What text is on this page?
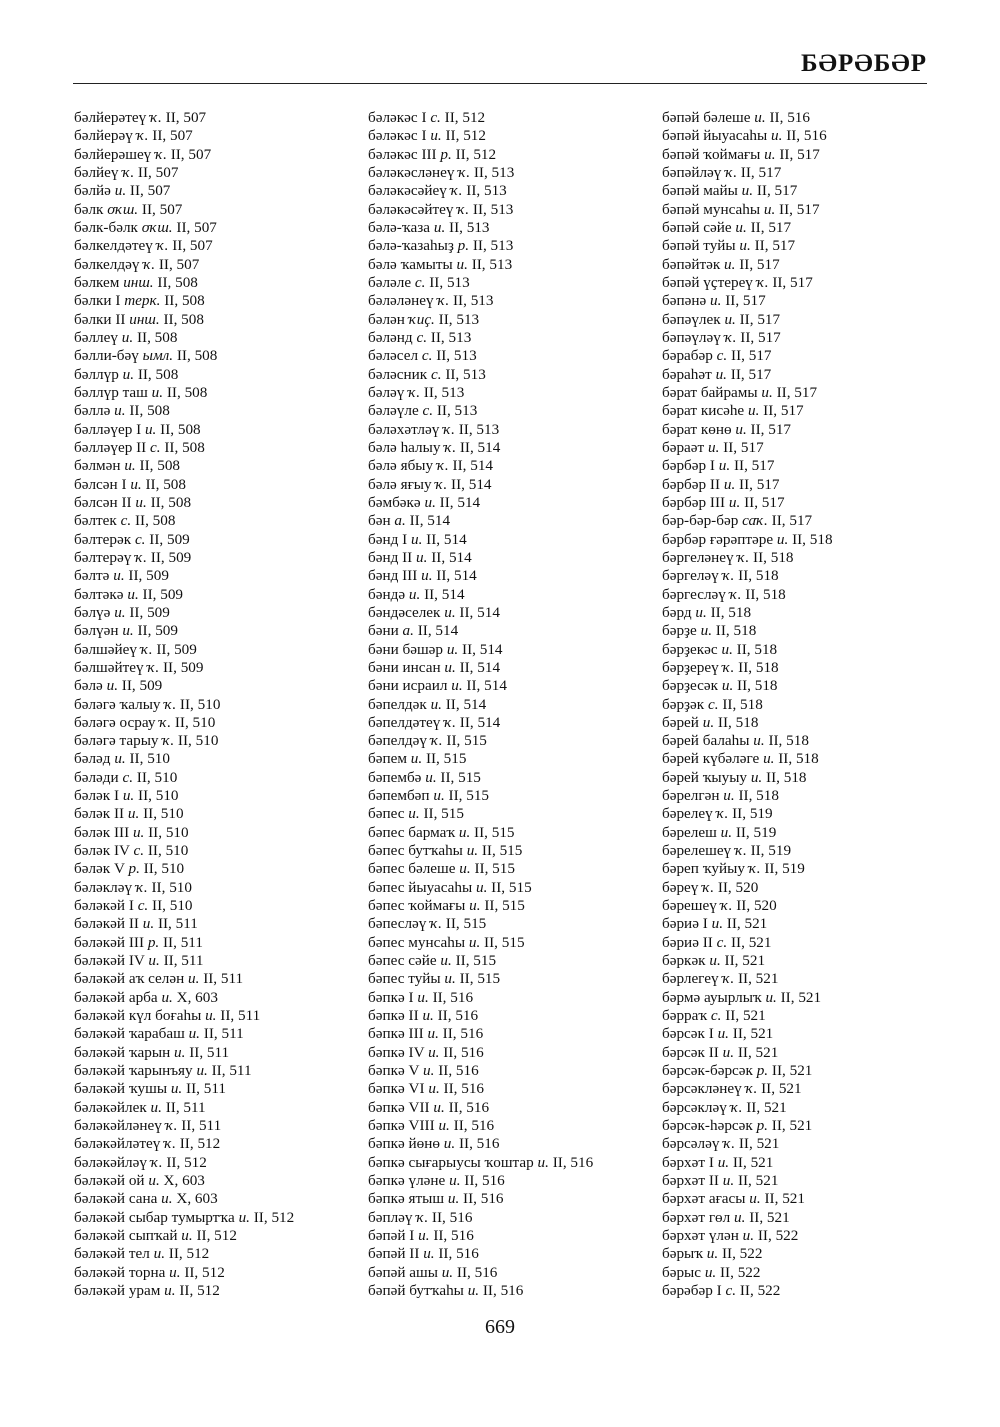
БӘРӘБӘР
бәлйерәтеү ҡ. II, 507
бәлйерәү ҡ. II, 507
бәлйерәшеү ҡ. II, 507
бәлйеү ҡ. II, 507
бәлйә и. II, 507
бәлк оҡш. II, 507
бәлк-бәлк оҡш. II, 507
бәлкелдәтеү ҡ. II, 507
бәлкелдәү ҡ. II, 507
бәлкем инш. II, 508
бәлки I терк. II, 508
бәлки II инш. II, 508
бәллеү и. II, 508
бәлли-бәү ымл. II, 508
бәллүр и. II, 508
бәллүр таш и. II, 508
бәллә и. II, 508
бәлләүер I и. II, 508
бәлләүер II с. II, 508
бәлмән и. II, 508
бәлсән I и. II, 508
бәлсән II и. II, 508
бәлтек с. II, 508
бәлтерәк с. II, 509
бәлтерәү ҡ. II, 509
бәлтә и. II, 509
бәлтәкә и. II, 509
бәлүә и. II, 509
бәлүән и. II, 509
бәлшәйеү ҡ. II, 509
бәлшәйтеү ҡ. II, 509
бәлә и. II, 509
бәләгә ҡалыу ҡ. II, 510
бәләгә осрау ҡ. II, 510
бәләгә тарыу ҡ. II, 510
бәләд и. II, 510
бәләди с. II, 510
бәләк I и. II, 510
бәләк II и. II, 510
бәләк III и. II, 510
бәләк IV с. II, 510
бәләк V р. II, 510
бәләкләү ҡ. II, 510
бәләкәй I с. II, 510
бәләкәй II и. II, 511
бәләкәй III р. II, 511
бәләкәй IV и. II, 511
бәләкәй аҡ селән и. II, 511
бәләкәй арба и. X, 603
бәләкәй күл боғаһы и. II, 511
бәләкәй ҡарабаш и. II, 511
бәләкәй ҡарын и. II, 511
бәләкәй ҡарынъяу и. II, 511
бәләкәй ҡушы и. II, 511
бәләкәйлек и. II, 511
бәләкәйләнеү ҡ. II, 511
бәләкәйләтеү ҡ. II, 512
бәләкәйләү ҡ. II, 512
бәләкәй ой и. X, 603
бәләкәй сана и. X, 603
бәләкәй сыбар тумыртҡа и. II, 512
бәләкәй сыпҡай и. II, 512
бәләкәй тел и. II, 512
бәләкәй торна и. II, 512
бәләкәй урам и. II, 512
бәләкәс I с. II, 512
бәләкәс I и. II, 512
бәләкәс III р. II, 512
бәләкәсләнеү ҡ. II, 513
бәләкәсәйеү ҡ. II, 513
бәләкәсәйтеү ҡ. II, 513
бәлә-ҡаза и. II, 513
бәлә-ҡазаһыҙ р. II, 513
бәлә ҡамыты и. II, 513
бәләле с. II, 513
бәләләнеү ҡ. II, 513
бәлән ҡиҫ. II, 513
бәләнд с. II, 513
бәләсел с. II, 513
бәләсник с. II, 513
бәләү ҡ. II, 513
бәләүле с. II, 513
бәләхәтләү ҡ. II, 513
бәлә һалыу ҡ. II, 514
бәлә ябыу ҡ. II, 514
бәлә яғыу ҡ. II, 514
бәмбәкә и. II, 514
бән а. II, 514
бәнд I и. II, 514
бәнд II и. II, 514
бәнд III и. II, 514
бәндә и. II, 514
бәндәселек и. II, 514
бәни а. II, 514
бәни бәшәр и. II, 514
бәни инсан и. II, 514
бәни исраил и. II, 514
бәпелдәк и. II, 514
бәпелдәтеү ҡ. II, 514
бәпелдәү ҡ. II, 515
бәпем и. II, 515
бәпембә и. II, 515
бәпембәп и. II, 515
бәпес и. II, 515
бәпес бармаҡ и. II, 515
бәпес бутҡаһы и. II, 515
бәпес бәлеше и. II, 515
бәпес йыуасаһы и. II, 515
бәпес ҡоймағы и. II, 515
бәпесләү ҡ. II, 515
бәпес мунсаһы и. II, 515
бәпес сәйе и. II, 515
бәпес туйы и. II, 515
бәпкә I и. II, 516
бәпкә II и. II, 516
бәпкә III и. II, 516
бәпкә IV и. II, 516
бәпкә V и. II, 516
бәпкә VI и. II, 516
бәпкә VII и. II, 516
бәпкә VIII и. II, 516
бәпкә йөнө и. II, 516
бәпкә сығарыусы ҡоштар и. II, 516
бәпкә үләне и. II, 516
бәпкә ятыш и. II, 516
бәпләү ҡ. II, 516
бәпәй I и. II, 516
бәпәй II и. II, 516
бәпәй ашы и. II, 516
бәпәй бутҡаһы и. II, 516
бәпәй бәлеше и. II, 516
бәпәй йыуасаһы и. II, 516
бәпәй ҡоймағы и. II, 517
бәпәйләү ҡ. II, 517
бәпәй майы и. II, 517
бәпәй мунсаһы и. II, 517
бәпәй сәйе и. II, 517
бәпәй туйы и. II, 517
бәпәйтәк и. II, 517
бәпәй үҫтереү ҡ. II, 517
бәпәнә и. II, 517
бәпәүлек и. II, 517
бәпәүләү ҡ. II, 517
бәрабәр с. II, 517
бәраһәт и. II, 517
бәрат байрамы и. II, 517
бәрат кисәһе и. II, 517
бәрат көнө и. II, 517
бәраәт и. II, 517
бәрбәр I и. II, 517
бәрбәр II и. II, 517
бәрбәр III и. II, 517
бәр-бәр-бәр саҡ. II, 517
бәрбәр ғәрәптәре и. II, 518
бәргеләнеү ҡ. II, 518
бәргеләү ҡ. II, 518
бәргесләү ҡ. II, 518
бәрд и. II, 518
бәрҙе и. II, 518
бәрҙекәс и. II, 518
бәрҙереү ҡ. II, 518
бәрҙесәк и. II, 518
бәрҙәк с. II, 518
бәрей и. II, 518
бәрей балаһы и. II, 518
бәрей күбәләге и. II, 518
бәрей ҡыуыу и. II, 518
бәрелгән и. II, 518
бәрелеү ҡ. II, 519
бәрелеш и. II, 519
бәрелешеү ҡ. II, 519
бәреп ҡуйыу ҡ. II, 519
бәреү ҡ. II, 520
бәрешеү ҡ. II, 520
бәриә I и. II, 521
бәриә II с. II, 521
бәркәк и. II, 521
бәрлегеү ҡ. II, 521
бәрмә ауырлыҡ и. II, 521
бәрраҡ с. II, 521
бәрсәк I и. II, 521
бәрсәк II и. II, 521
бәрсәк-бәрсәк р. II, 521
бәрсәкләнеү ҡ. II, 521
бәрсәкләү ҡ. II, 521
бәрсәк-һәрсәк р. II, 521
бәрсәләү ҡ. II, 521
бәрхәт I и. II, 521
бәрхәт II и. II, 521
бәрхәт ағасы и. II, 521
бәрхәт гөл и. II, 521
бәрхәт үлән и. II, 522
бәрыҡ и. II, 522
бәрыс и. II, 522
бәрәбәр I с. II, 522
669
